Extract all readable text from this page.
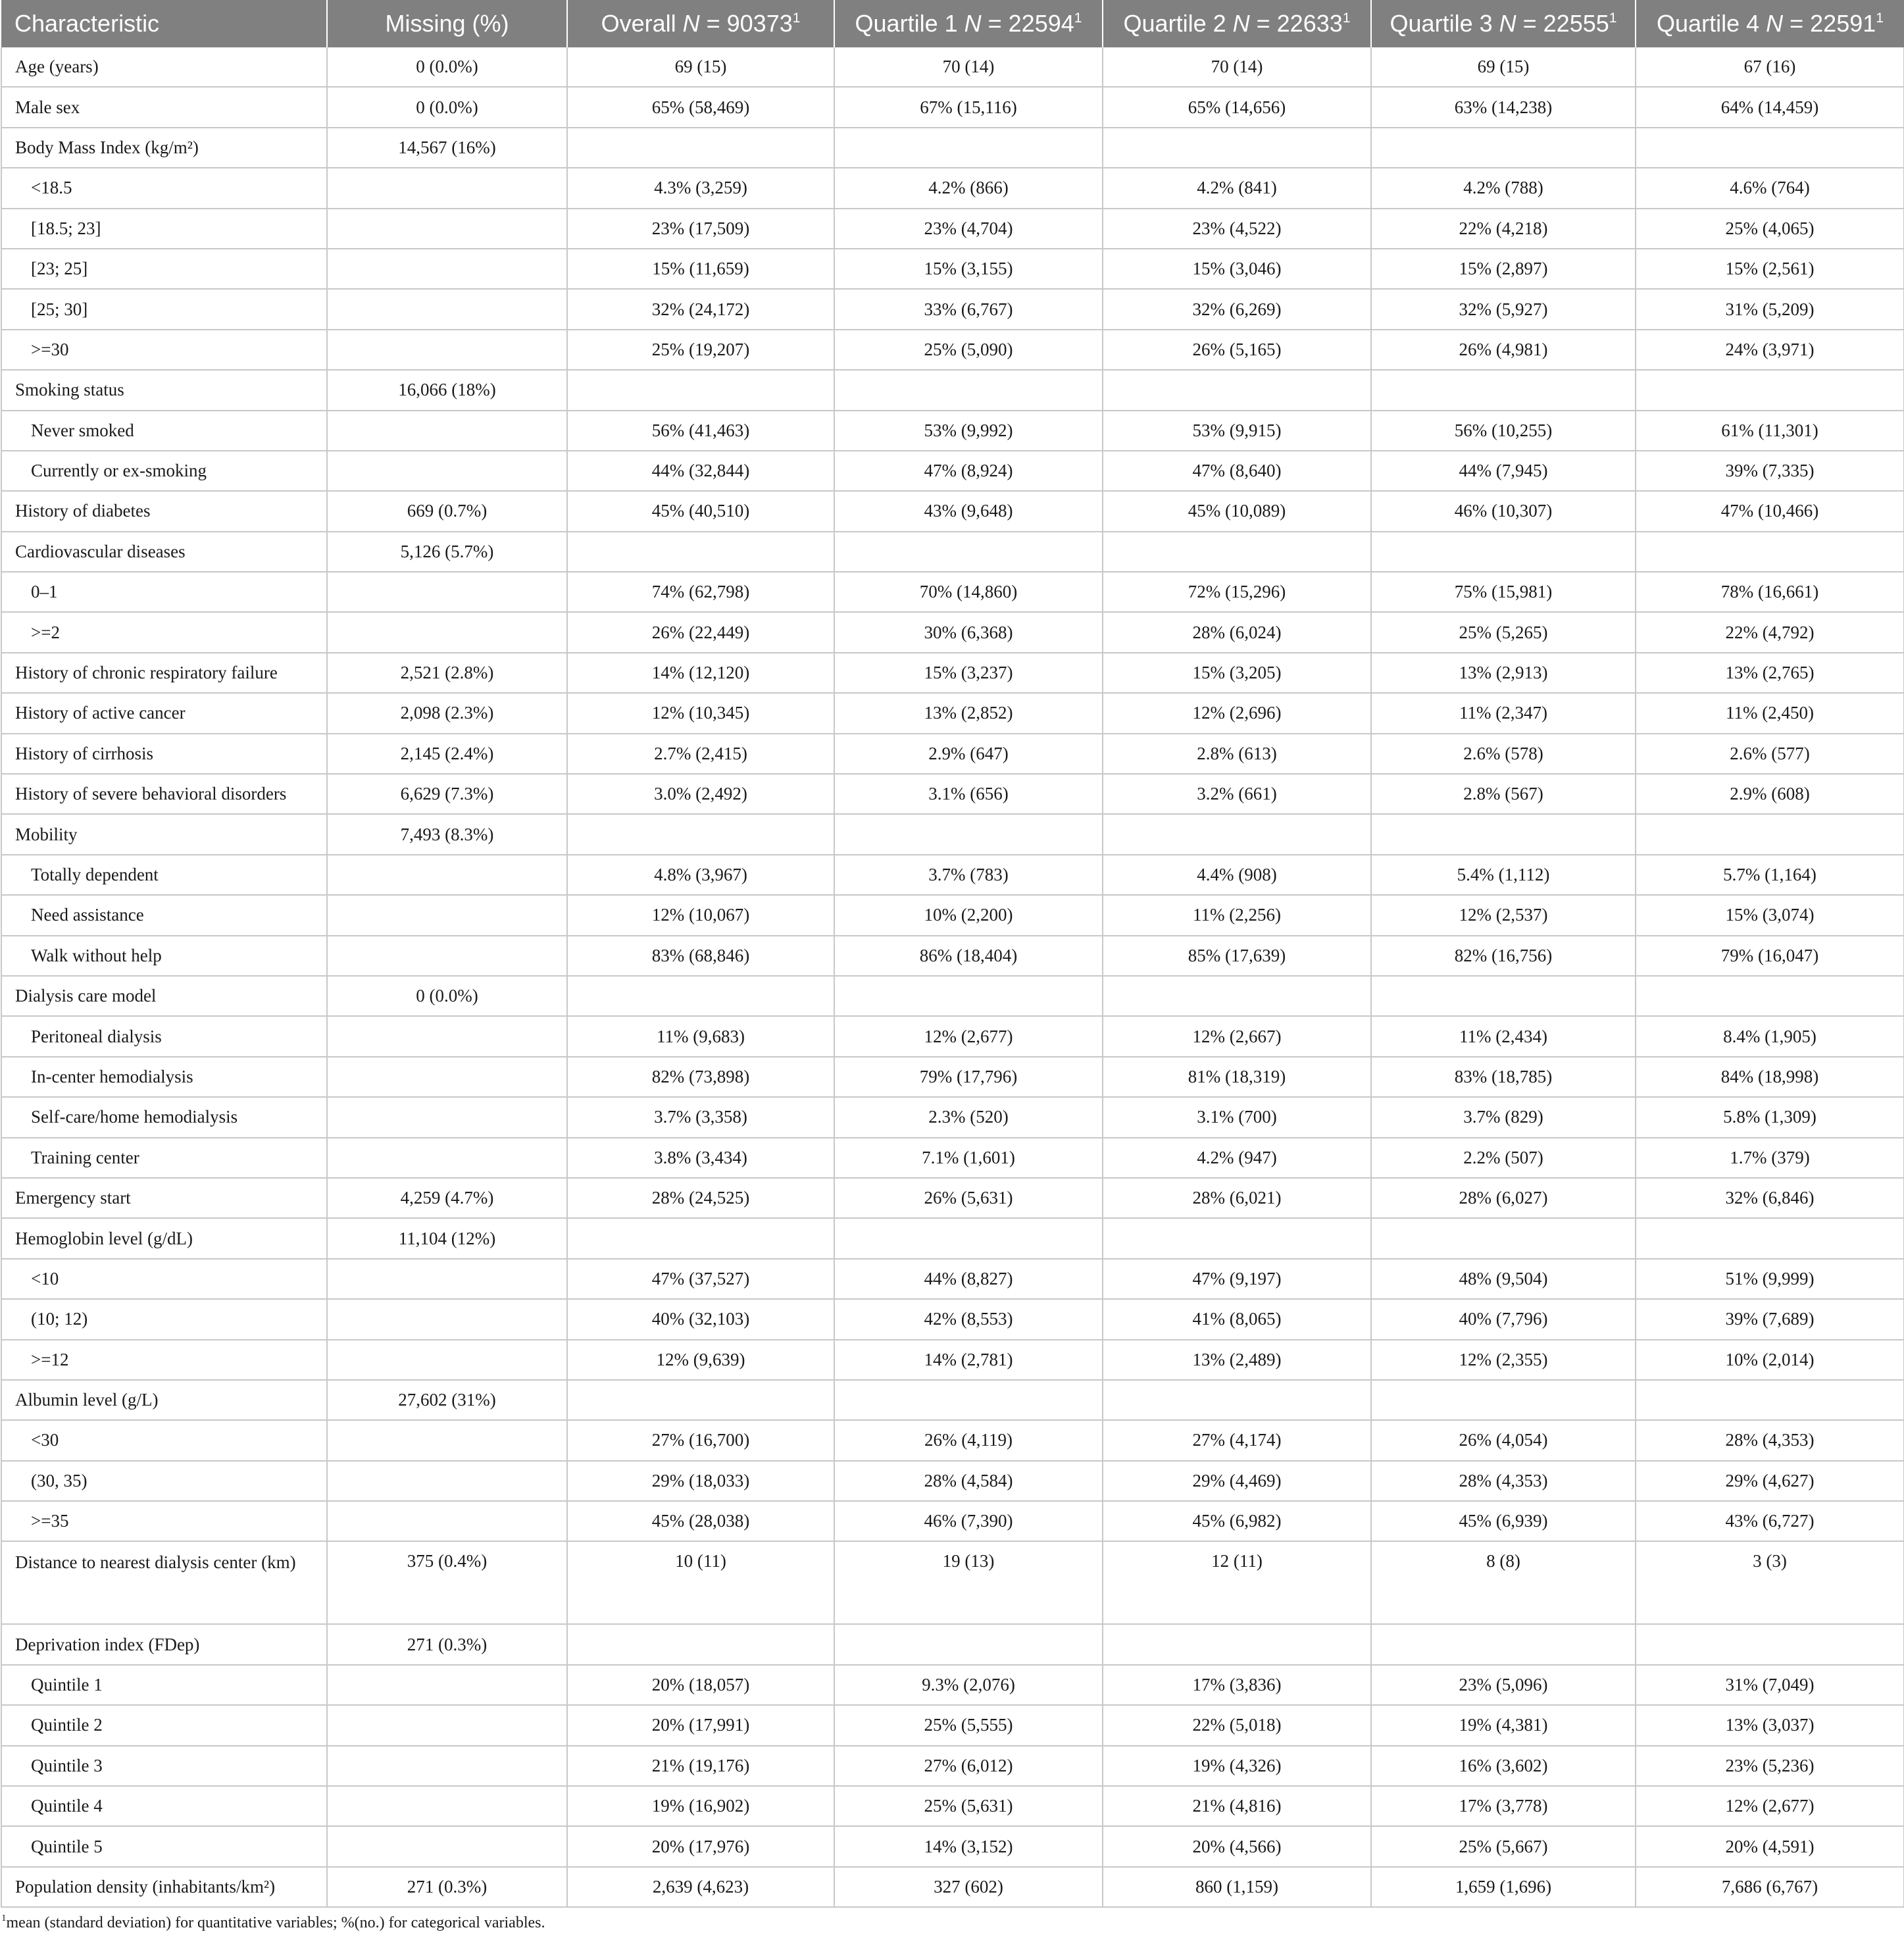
Characteristic	Missing (%)	Overall $N = 90373^1$	Quartile 1 $N = 22594^1$	Quartile 2 $N = 22633^1$	Quartile 3 $N = 22555^1$	Quartile 4 $N = 22591^1$
Age (years)	0 (0.0%)	69 (15)	70 (14)	70 (14)	69 (15)	67 (16)
Male sex	0 (0.0%)	65% (58,469)	67% (15,116)	65% (14,656)	63% (14,238)	64% (14,459)
Body Mass Index (kg/m²)	14,567 (16%)					
<18.5		4.3% (3,259)	4.2% (866)	4.2% (841)	4.2% (788)	4.6% (764)
[18.5; 23]		23% (17,509)	23% (4,704)	23% (4,522)	22% (4,218)	25% (4,065)
[23; 25]		15% (11,659)	15% (3,155)	15% (3,046)	15% (2,897)	15% (2,561)
[25; 30]		32% (24,172)	33% (6,767)	32% (6,269)	32% (5,927)	31% (5,209)
>=30		25% (19,207)	25% (5,090)	26% (5,165)	26% (4,981)	24% (3,971)
Smoking status	16,066 (18%)					
Never smoked		56% (41,463)	53% (9,992)	53% (9,915)	56% (10,255)	61% (11,301)
Currently or ex-smoking		44% (32,844)	47% (8,924)	47% (8,640)	44% (7,945)	39% (7,335)
History of diabetes	669 (0.7%)	45% (40,510)	43% (9,648)	45% (10,089)	46% (10,307)	47% (10,466)
Cardiovascular diseases	5,126 (5.7%)					
0–1		74% (62,798)	70% (14,860)	72% (15,296)	75% (15,981)	78% (16,661)
>=2		26% (22,449)	30% (6,368)	28% (6,024)	25% (5,265)	22% (4,792)
History of chronic respiratory failure	2,521 (2.8%)	14% (12,120)	15% (3,237)	15% (3,205)	13% (2,913)	13% (2,765)
History of active cancer	2,098 (2.3%)	12% (10,345)	13% (2,852)	12% (2,696)	11% (2,347)	11% (2,450)
History of cirrhosis	2,145 (2.4%)	2.7% (2,415)	2.9% (647)	2.8% (613)	2.6% (578)	2.6% (577)
History of severe behavioral disorders	6,629 (7.3%)	3.0% (2,492)	3.1% (656)	3.2% (661)	2.8% (567)	2.9% (608)
Mobility	7,493 (8.3%)					
Totally dependent		4.8% (3,967)	3.7% (783)	4.4% (908)	5.4% (1,112)	5.7% (1,164)
Need assistance		12% (10,067)	10% (2,200)	11% (2,256)	12% (2,537)	15% (3,074)
Walk without help		83% (68,846)	86% (18,404)	85% (17,639)	82% (16,756)	79% (16,047)
Dialysis care model	0 (0.0%)					
Peritoneal dialysis		11% (9,683)	12% (2,677)	12% (2,667)	11% (2,434)	8.4% (1,905)
In-center hemodialysis		82% (73,898)	79% (17,796)	81% (18,319)	83% (18,785)	84% (18,998)
Self-care/home hemodialysis		3.7% (3,358)	2.3% (520)	3.1% (700)	3.7% (829)	5.8% (1,309)
Training center		3.8% (3,434)	7.1% (1,601)	4.2% (947)	2.2% (507)	1.7% (379)
Emergency start	4,259 (4.7%)	28% (24,525)	26% (5,631)	28% (6,021)	28% (6,027)	32% (6,846)
Hemoglobin level (g/dL)	11,104 (12%)					
<10		47% (37,527)	44% (8,827)	47% (9,197)	48% (9,504)	51% (9,999)
(10; 12)		40% (32,103)	42% (8,553)	41% (8,065)	40% (7,796)	39% (7,689)
>=12		12% (9,639)	14% (2,781)	13% (2,489)	12% (2,355)	10% (2,014)
Albumin level (g/L)	27,602 (31%)					
<30		27% (16,700)	26% (4,119)	27% (4,174)	26% (4,054)	28% (4,353)
(30, 35)		29% (18,033)	28% (4,584)	29% (4,469)	28% (4,353)	29% (4,627)
>=35		45% (28,038)	46% (7,390)	45% (6,982)	45% (6,939)	43% (6,727)
Distance to nearest dialysis center (km)	375 (0.4%)	10 (11)	19 (13)	12 (11)	8 (8)	3 (3)
Deprivation index (FDep)	271 (0.3%)					
Quintile 1		20% (18,057)	9.3% (2,076)	17% (3,836)	23% (5,096)	31% (7,049)
Quintile 2		20% (17,991)	25% (5,555)	22% (5,018)	19% (4,381)	13% (3,037)
Quintile 3		21% (19,176)	27% (6,012)	19% (4,326)	16% (3,602)	23% (5,236)
Quintile 4		19% (16,902)	25% (5,631)	21% (4,816)	17% (3,778)	12% (2,677)
Quintile 5		20% (17,976)	14% (3,152)	20% (4,566)	25% (5,667)	20% (4,591)
Population density (inhabitants/km²)	271 (0.3%)	2,639 (4,623)	327 (602)	860 (1,159)	1,659 (1,696)	7,686 (6,767)
$^1$mean (standard deviation) for quantitative variables; %(no.) for categorical variables.
